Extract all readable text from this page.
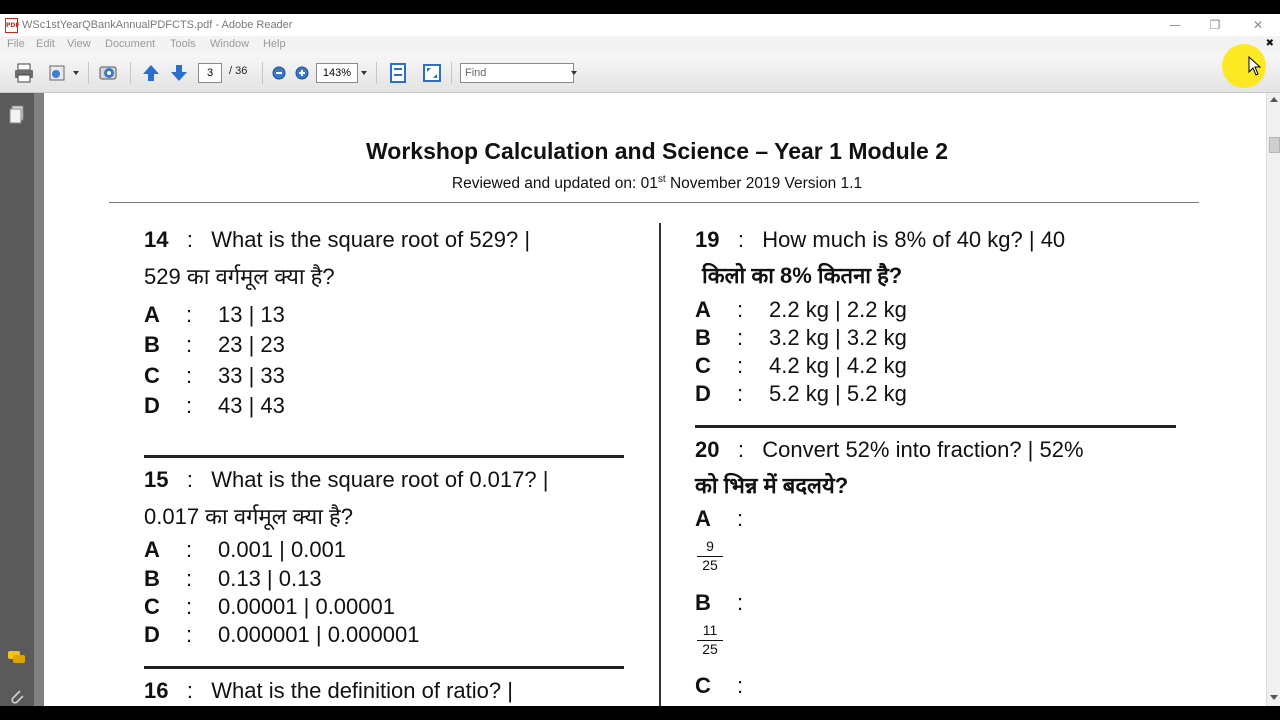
PDF WSc1stYearQBankAnnualPDFCTS.pdf - Adobe Reader	—	❐	✕
File Edit View Document Tools Window Help	✖
3	/ 36	143%	Find
Workshop Calculation and Science – Year 1 Module 2
Reviewed and updated on: 01st November 2019 Version 1.1
14 : What is the square root of 529? |
529 का वर्गमूल क्या है?
A : 13 | 13
B : 23 | 23
C : 33 | 33
D : 43 | 43
15 : What is the square root of 0.017? |
0.017 का वर्गमूल क्या है?
A : 0.001 | 0.001
B : 0.13 | 0.13
C : 0.00001 | 0.00001
D : 0.000001 | 0.000001
16 : What is the definition of ratio? |
19 : How much is 8% of 40 kg? | 40
किलो का 8% कितना है?
A : 2.2 kg | 2.2 kg
B : 3.2 kg | 3.2 kg
C : 4.2 kg | 4.2 kg
D : 5.2 kg | 5.2 kg
20 : Convert 52% into fraction? | 52%
को भिन्न में बदलये?
A :
$\frac{9}{25}$
B :
$\frac{11}{25}$
C :
